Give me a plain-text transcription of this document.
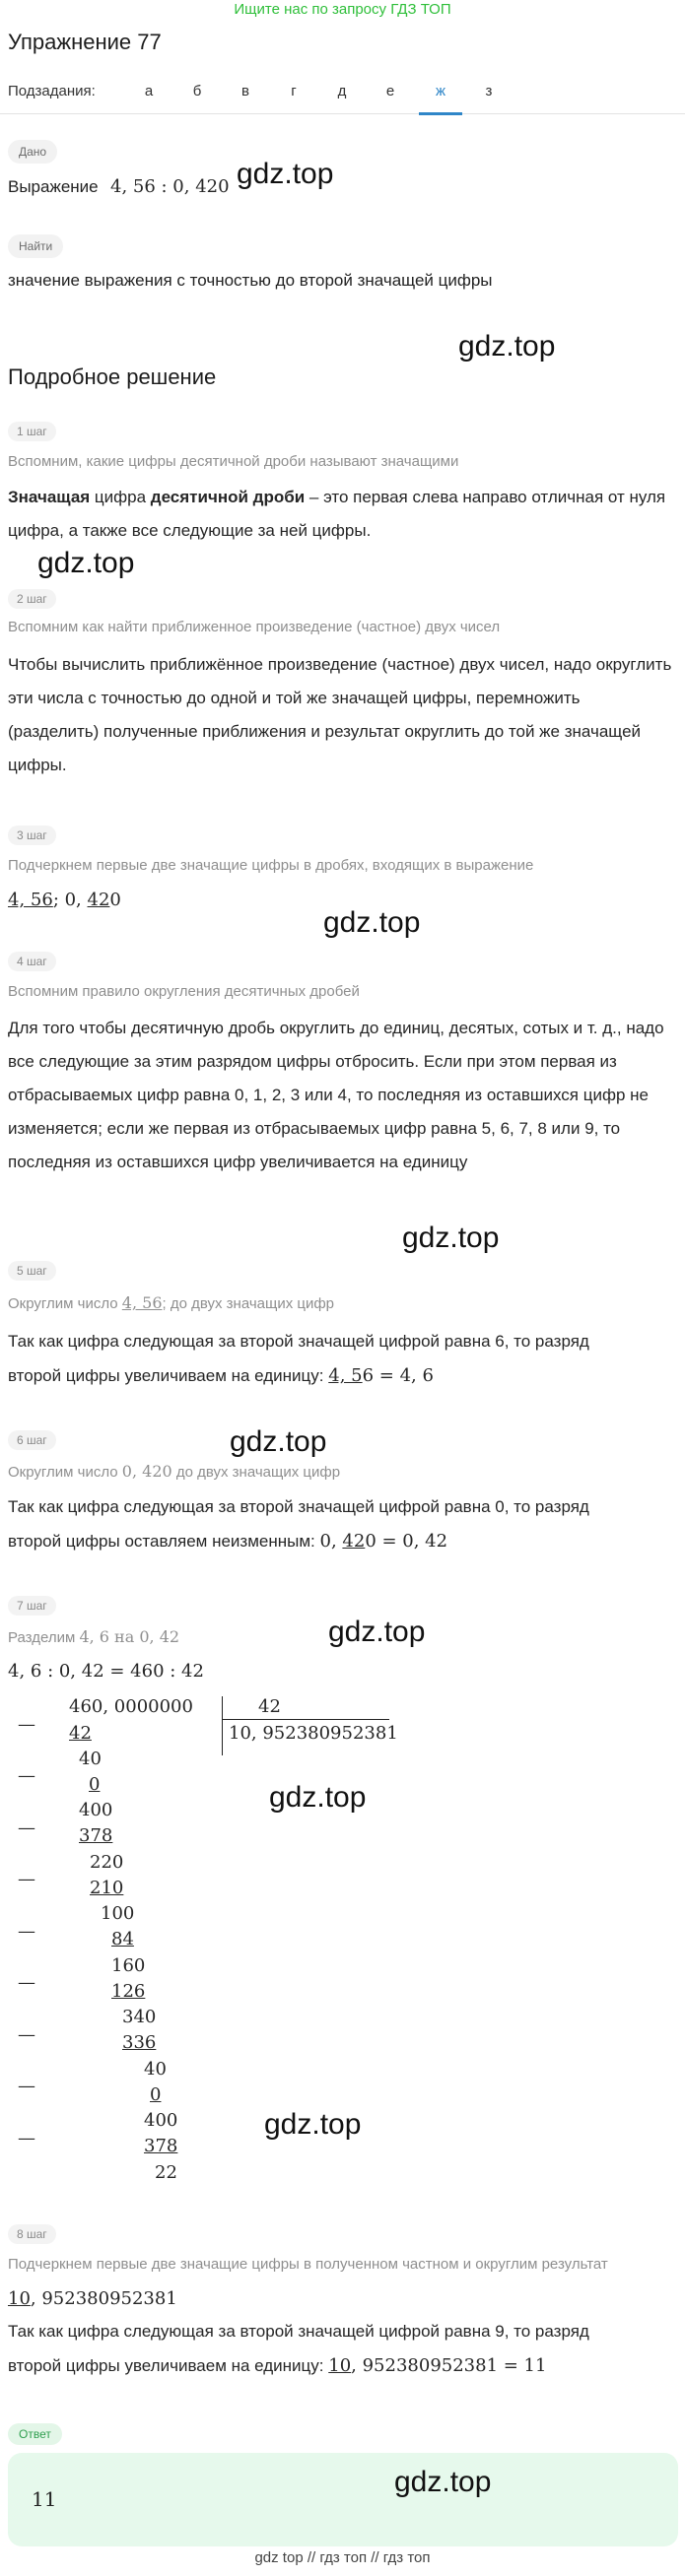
Ищите нас по запросу ГДЗ ТОП
Упражнение 77
Подзадания:	а	б	в	г	д	е	ж	з
Дано
Выражение 4, 56 : 0, 420 gdz.top
Найти
значение выражения с точностью до второй значащей цифры
gdz.top
Подробное решение
1 шаг
Вспомним, какие цифры десятичной дроби называют значащими
Значащая цифра десятичной дроби – это первая слева направо отличная от нуля цифра, а также все следующие за ней цифры.
gdz.top
2 шаг
Вспомним как найти приближенное произведение (частное) двух чисел
Чтобы вычислить приближённое произведение (частное) двух чисел, надо округлить эти числа с точностью до одной и той же значащей цифры, перемножить (разделить) полученные приближения и результат округлить до той же значащей цифры.
3 шаг
Подчеркнем первые две значащие цифры в дробях, входящих в выражение
4, 56; 0, 420
gdz.top
4 шаг
Вспомним правило округления десятичных дробей
Для того чтобы десятичную дробь округлить до единиц, десятых, сотых и т. д., надо все следующие за этим разрядом цифры отбросить. Если при этом первая из отбрасываемых цифр равна 0, 1, 2, 3 или 4, то последняя из оставшихся цифр не изменяется; если же первая из отбрасываемых цифр равна 5, 6, 7, 8 или 9, то последняя из оставшихся цифр увеличивается на единицу
gdz.top
5 шаг
Округлим число 4, 56; до двух значащих цифр
Так как цифра следующая за второй значащей цифрой равна 6, то разряд
второй цифры увеличиваем на единицу: 4, 56 = 4, 6
gdz.top
6 шаг
Округлим число 0, 420 до двух значащих цифр
Так как цифра следующая за второй значащей цифрой равна 0, то разряд
второй цифры оставляем неизменным: 0, 420 = 0, 42
7 шаг
Разделим 4, 6 на 0, 42	gdz.top
4, 6 : 0, 42 = 460 : 42
460, 0000000	42
10, 952380952381
—
—
—
—
—
—
—
—
—
42
40
0
400
378
220
210
100
84
160
126
340
336
40
0
400
378
22
gdz.top
gdz.top
8 шаг
Подчеркнем первые две значащие цифры в полученном частном и округлим результат
10, 952380952381
Так как цифра следующая за второй значащей цифрой равна 9, то разряд
второй цифры увеличиваем на единицу: 10, 952380952381 = 11
Ответ
11
gdz.top
gdz top // гдз топ // гдз топ
